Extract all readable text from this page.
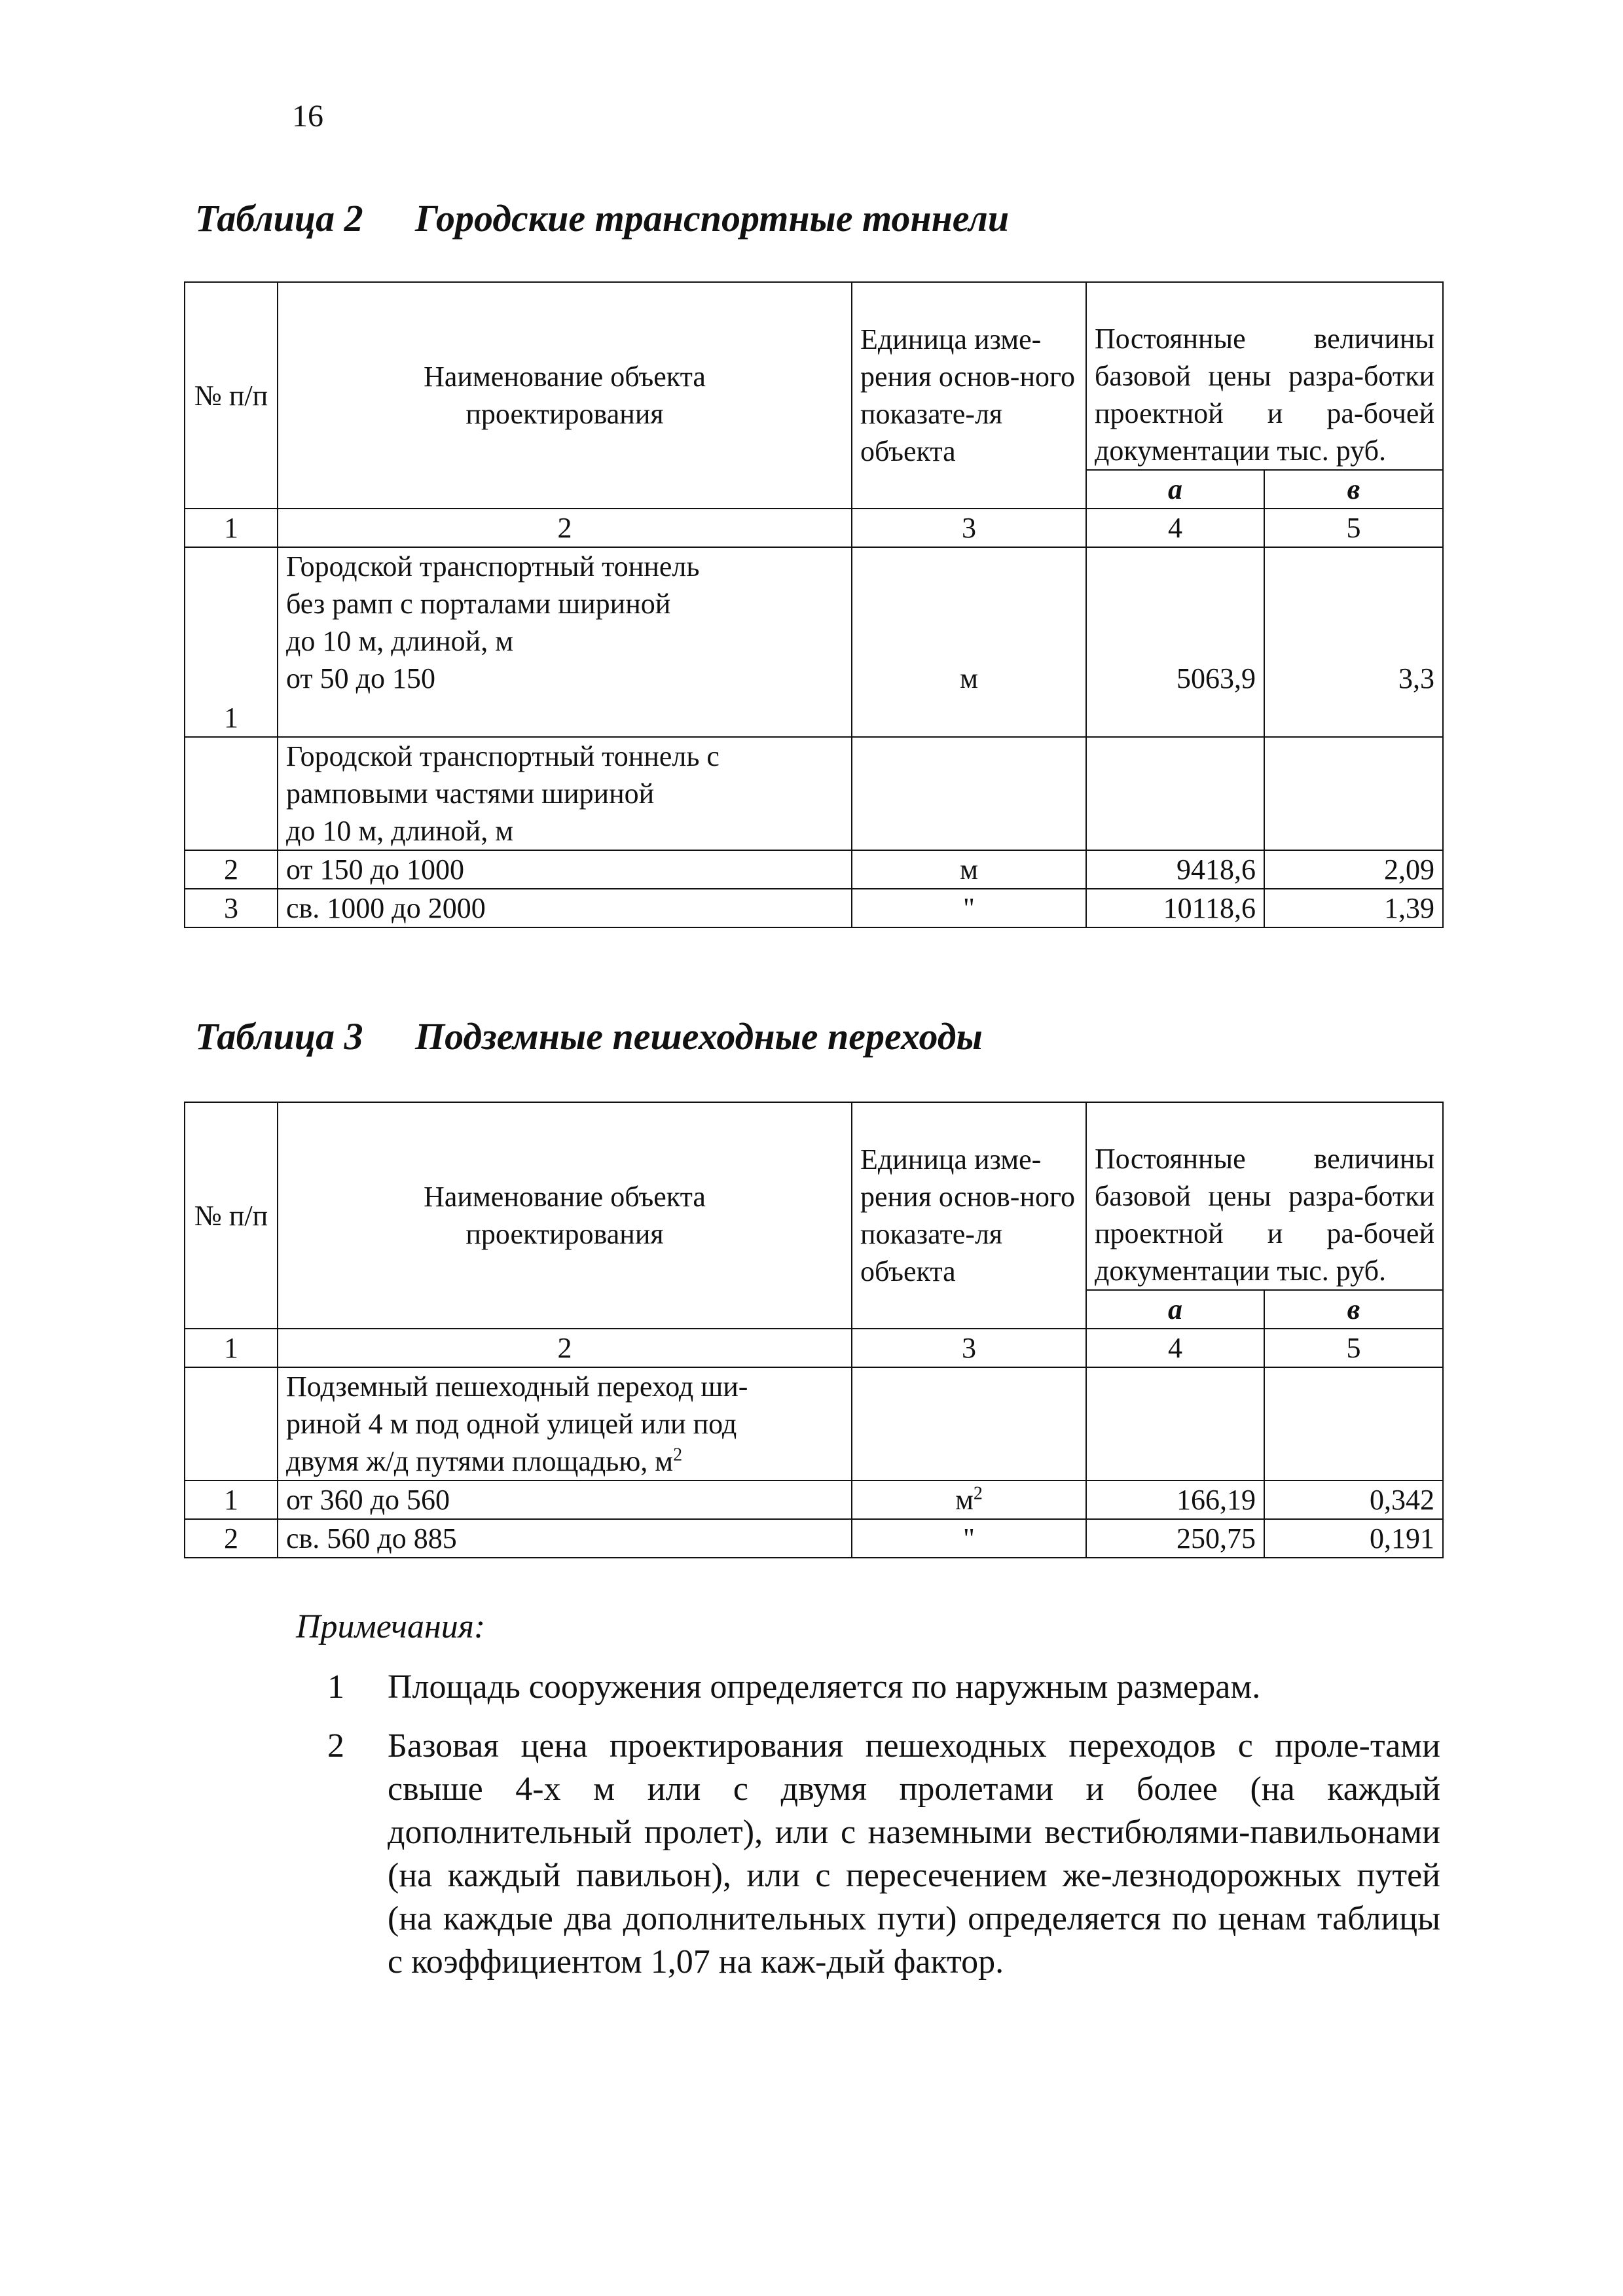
16
Таблица 2 Городские транспортные тоннели
№ п/п	Наименование объекта проектирования	Единица изме-рения основ-ного показате-ля объекта	Постоянные величины базовой цены разра-ботки проектной и ра-бочей документации тыс. руб.	
			а	в
1	2	3	4	5
1	Городской транспортный тоннель
без рамп с порталами шириной
до 10 м, длиной, м
от 50 до 150	м	5063,9	3,3

	Городской транспортный тоннель с
рамповыми частями шириной
до 10 м, длиной, м			

2	от 150 до 1000	м	9418,6	2,09
3	св. 1000 до 2000	"	10118,6	1,39
Таблица 3 Подземные пешеходные переходы
№ п/п	Наименование объекта проектирования	Единица изме-рения основ-ного показате-ля объекта	Постоянные величины базовой цены разра-ботки проектной и ра-бочей документации тыс. руб.	
			а	в
1	2	3	4	5

	Подземный пешеходный переход ши-
риной 4 м под одной улицей или под
двумя ж/д путями площадью, $м^2$

1	от 360 до 560	$м^2$	166,19	0,342
2	св. 560 до 885	"	250,75	0,191
Примечания:
1 Площадь сооружения определяется по наружным размерам.
2 Базовая цена проектирования пешеходных переходов с проле-тами свыше 4-х м или с двумя пролетами и более (на каждый дополнительный пролет), или с наземными вестибюлями-павильонами (на каждый павильон), или с пересечением же-лезнодорожных путей (на каждые два дополнительных пути) определяется по ценам таблицы с коэффициентом 1,07 на каж-дый фактор.
